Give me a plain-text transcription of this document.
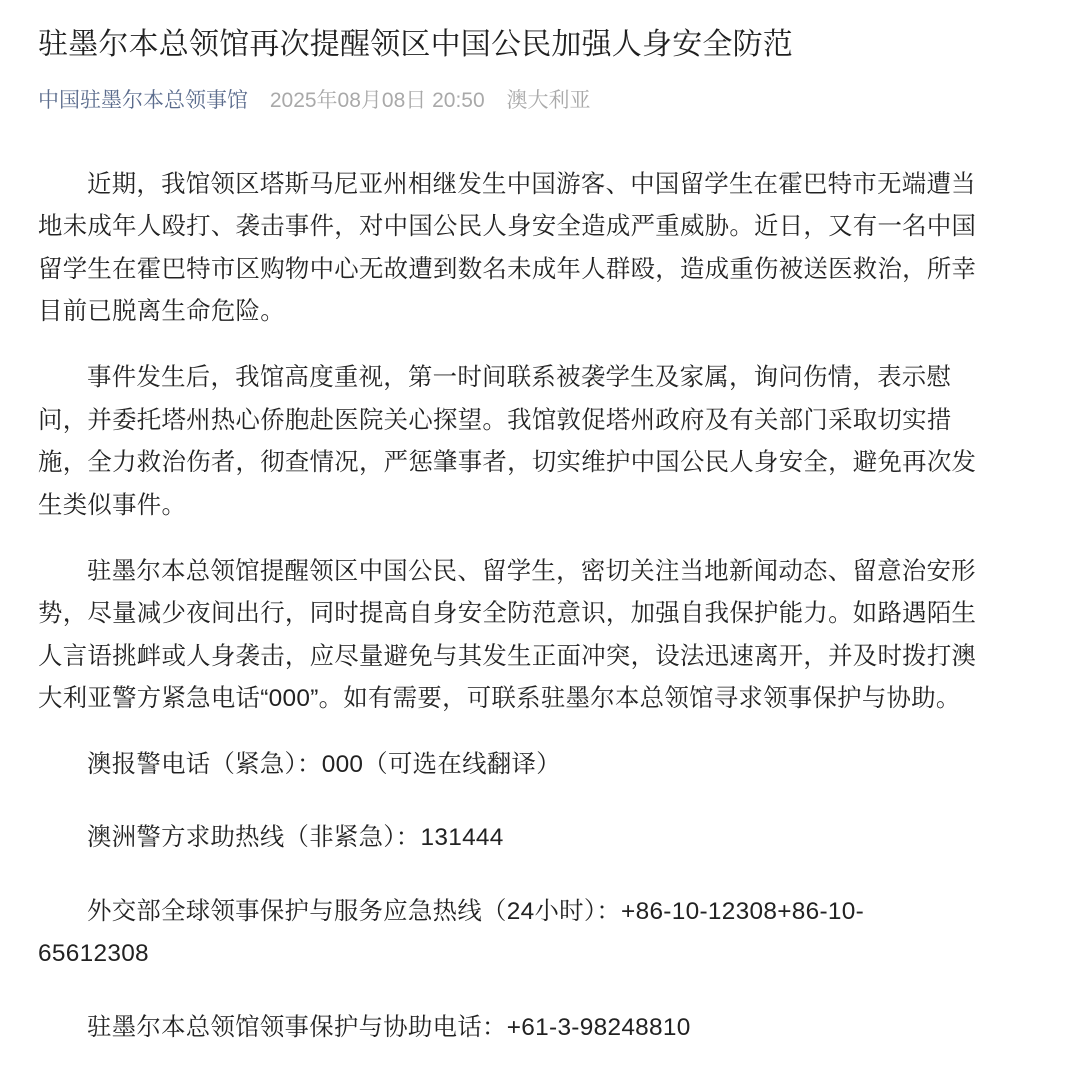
驻墨尔本总领馆再次提醒领区中国公民加强人身安全防范
中国驻墨尔本总领事馆 2025年08月08日 20:50 澳大利亚
近期，我馆领区塔斯马尼亚州相继发生中国游客、中国留学生在霍巴特市无端遭当
地未成年人殴打、袭击事件，对中国公民人身安全造成严重威胁。近日，又有一名中国
留学生在霍巴特市区购物中心无故遭到数名未成年人群殴，造成重伤被送医救治，所幸
目前已脱离生命危险。
事件发生后，我馆高度重视，第一时间联系被袭学生及家属，询问伤情，表示慰
问，并委托塔州热心侨胞赴医院关心探望。我馆敦促塔州政府及有关部门采取切实措
施，全力救治伤者，彻查情况，严惩肇事者，切实维护中国公民人身安全，避免再次发
生类似事件。
驻墨尔本总领馆提醒领区中国公民、留学生，密切关注当地新闻动态、留意治安形
势，尽量减少夜间出行，同时提高自身安全防范意识，加强自我保护能力。如路遇陌生
人言语挑衅或人身袭击，应尽量避免与其发生正面冲突，设法迅速离开，并及时拨打澳
大利亚警方紧急电话“000”。如有需要，可联系驻墨尔本总领馆寻求领事保护与协助。
澳报警电话（紧急）：000（可选在线翻译）
澳洲警方求助热线（非紧急）：131444
外交部全球领事保护与服务应急热线（24小时）：+86-10-12308+86-10-
65612308
驻墨尔本总领馆领事保护与协助电话：+61-3-98248810
